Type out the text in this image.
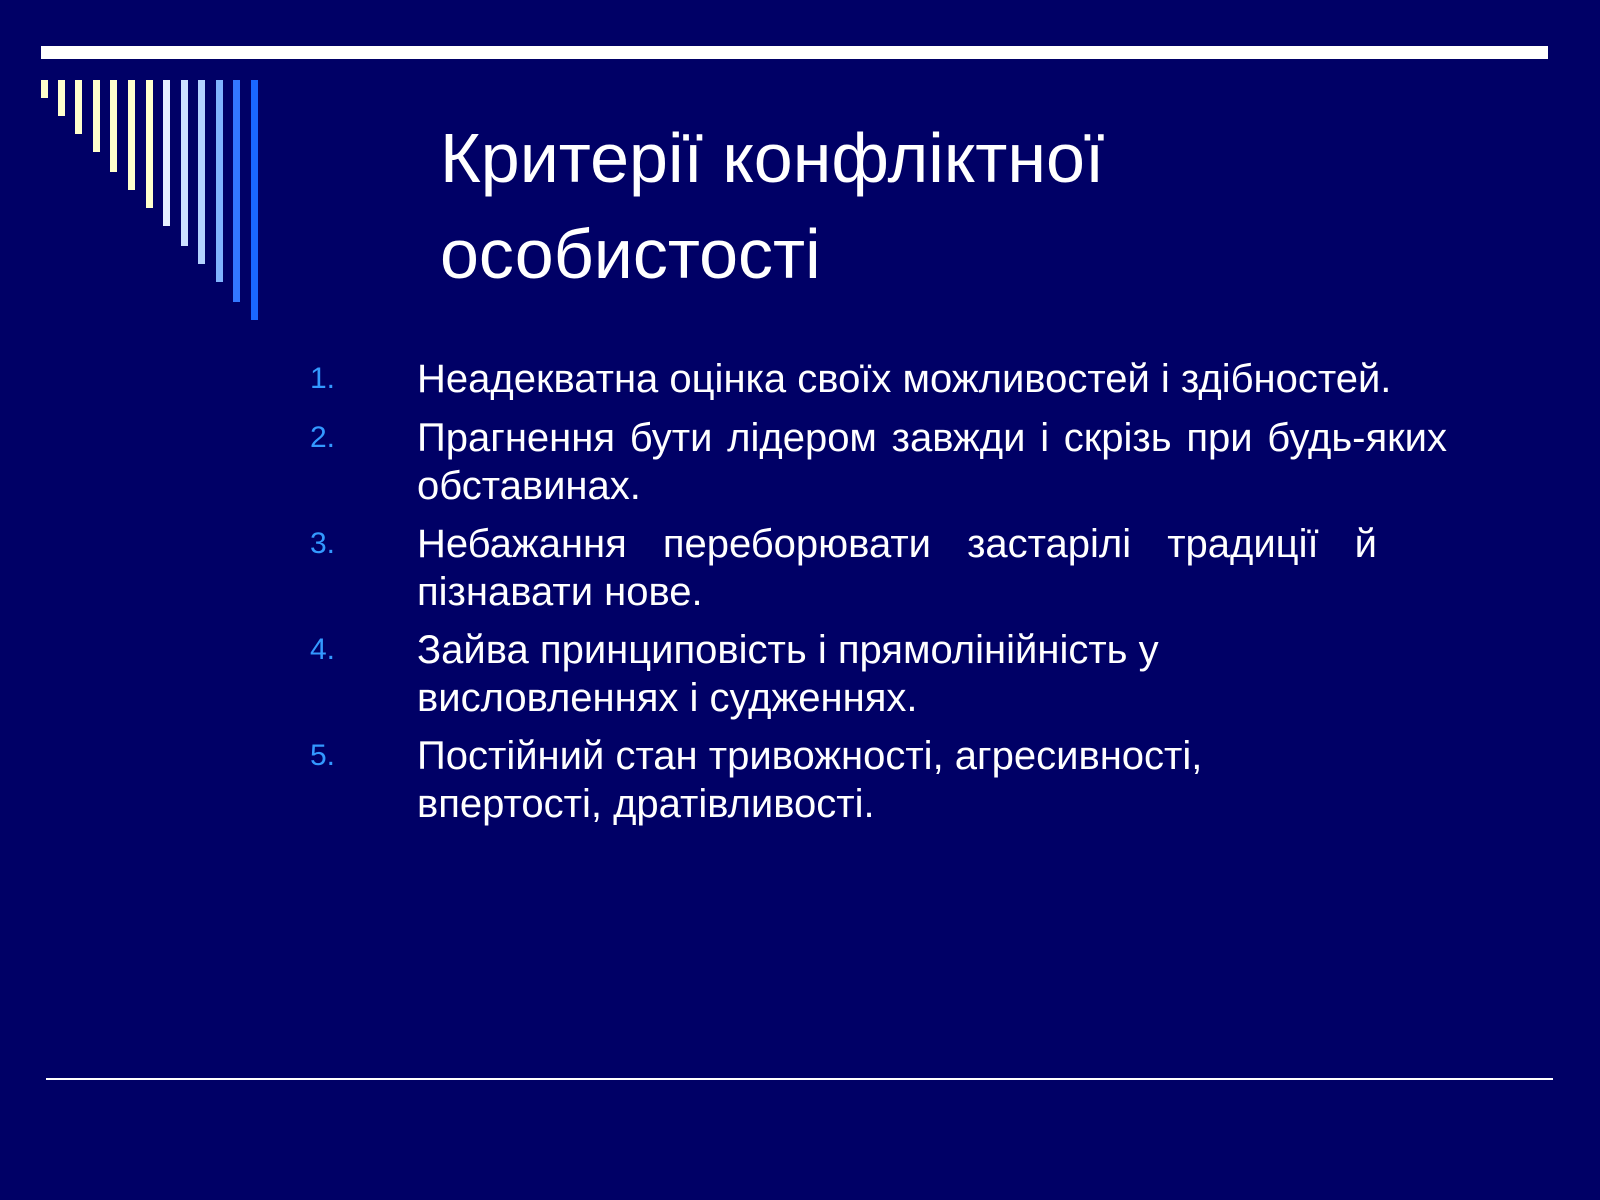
Критерії конфліктної
особистості
1. Неадекватна оцінка своїх можливостей і здібностей.
2. Прагнення бути лідером завжди і скрізь при будь-яких обставинах.
3. Небажання переборювати застарілі традиції й пізнавати нове.
4. Зайва принциповість і прямолінійність у висловленнях і судженнях.
5. Постійний стан тривожності, агресивності, впертості, дратівливості.
